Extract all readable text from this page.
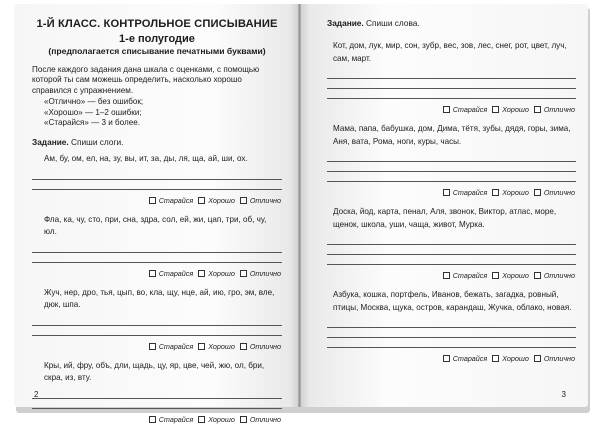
1-Й КЛАСС. КОНТРОЛЬНОЕ СПИСЫВАНИЕ
1-е полугодие
(предполагается списывание печатными буквами)
После каждого задания дана шкала с оценками, с помощью которой ты сам можешь определить, насколько хорошо справился с упражнением.
«Отлично» — без ошибок;
«Хорошо» — 1–2 ошибки;
«Старайся» — 3 и более.
Задание. Спиши слоги.
Ам, бу, ом, ел, на, зу, вы, ит, за, ды, ля, ща, ай, ши, ох.
Старайся Хорошо Отлично
Фла, ка, чу, сто, при, сна, здра, сол, ей, жи, цап, три, об, чу, юл.
Старайся Хорошо Отлично
Жуч, нер, дро, тья, цып, во, кла, щу, нце, ай, ию, гро, эм, вле, дюк, шпа.
Старайся Хорошо Отлично
Кры, ий, фру, объ, дли, щадь, цу, яр, цве, чей, жю, ол, бри, скра, из, вту.
Старайся Хорошо Отлично
2
Задание. Спиши слова.
Кот, дом, лук, мир, сон, зубр, вес, зов, лес, снег, рот, цвет, луч, сам, март.
Старайся Хорошо Отлично
Мама, папа, бабушка, дом, Дима, тётя, зубы, дядя, горы, зима, Аня, вата, Рома, ноги, куры, часы.
Старайся Хорошо Отлично
Доска, йод, карта, пенал, Аля, звонок, Виктор, атлас, море, щенок, школа, уши, чаща, живот, Мурка.
Старайся Хорошо Отлично
Азбука, кошка, портфель, Иванов, бежать, загадка, ровный, птицы, Москва, щука, остров, карандаш, Жучка, облако, новая.
Старайся Хорошо Отлично
3
